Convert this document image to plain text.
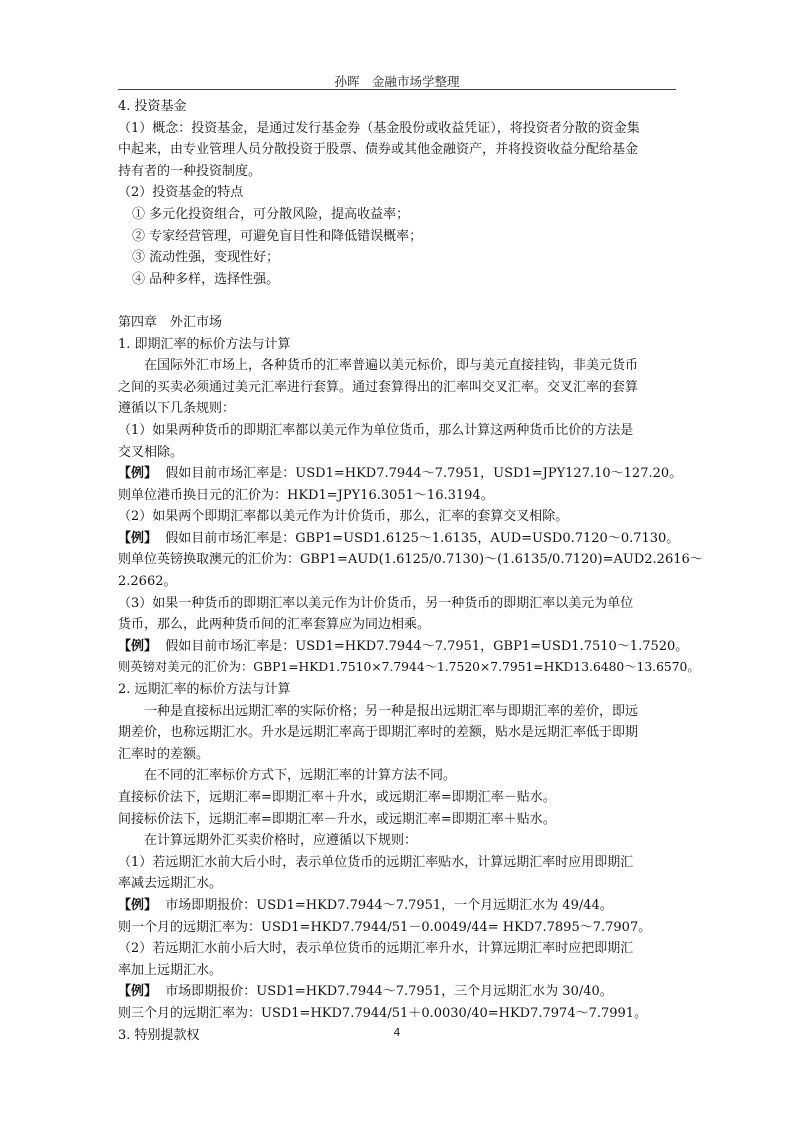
孙晖　金融市场学整理
4. 投资基金
（1）概念：投资基金，是通过发行基金券（基金股份或收益凭证），将投资者分散的资金集
中起来，由专业管理人员分散投资于股票、债券或其他金融资产，并将投资收益分配给基金
持有者的一种投资制度。
（2）投资基金的特点
① 多元化投资组合，可分散风险，提高收益率；
② 专家经营管理，可避免盲目性和降低错误概率；
③ 流动性强，变现性好；
④ 品种多样，选择性强。
第四章　外汇市场
1. 即期汇率的标价方法与计算
在国际外汇市场上，各种货币的汇率普遍以美元标价，即与美元直接挂钩，非美元货币
之间的买卖必须通过美元汇率进行套算。通过套算得出的汇率叫交叉汇率。交叉汇率的套算
遵循以下几条规则：
（1）如果两种货币的即期汇率都以美元作为单位货币，那么计算这两种货币比价的方法是
交叉相除。
【例】 假如目前市场汇率是：USD1=HKD7.7944～7.7951，USD1=JPY127.10～127.20。
则单位港币换日元的汇价为：HKD1=JPY16.3051～16.3194。
（2）如果两个即期汇率都以美元作为计价货币，那么，汇率的套算交叉相除。
【例】 假如目前市场汇率是：GBP1=USD1.6125～1.6135，AUD=USD0.7120～0.7130。
则单位英镑换取澳元的汇价为：GBP1=AUD(1.6125/0.7130)～(1.6135/0.7120)=AUD2.2616～
2.2662。
（3）如果一种货币的即期汇率以美元作为计价货币，另一种货币的即期汇率以美元为单位
货币，那么，此两种货币间的汇率套算应为同边相乘。
【例】 假如目前市场汇率是：USD1=HKD7.7944～7.7951，GBP1=USD1.7510～1.7520。
则英镑对美元的汇价为：GBP1=HKD1.7510×7.7944～1.7520×7.7951=HKD13.6480～13.6570。
2. 远期汇率的标价方法与计算
一种是直接标出远期汇率的实际价格；另一种是报出远期汇率与即期汇率的差价，即远
期差价，也称远期汇水。升水是远期汇率高于即期汇率时的差额，贴水是远期汇率低于即期
汇率时的差额。
在不同的汇率标价方式下，远期汇率的计算方法不同。
直接标价法下，远期汇率=即期汇率＋升水，或远期汇率=即期汇率－贴水。
间接标价法下，远期汇率=即期汇率－升水，或远期汇率=即期汇率＋贴水。
在计算远期外汇买卖价格时，应遵循以下规则：
（1）若远期汇水前大后小时，表示单位货币的远期汇率贴水，计算远期汇率时应用即期汇
率减去远期汇水。
【例】 市场即期报价：USD1=HKD7.7944～7.7951，一个月远期汇水为 49/44。
则一个月的远期汇率为：USD1=HKD7.7944/51－0.0049/44= HKD7.7895～7.7907。
（2）若远期汇水前小后大时，表示单位货币的远期汇率升水，计算远期汇率时应把即期汇
率加上远期汇水。
【例】 市场即期报价：USD1=HKD7.7944～7.7951，三个月远期汇水为 30/40。
则三个月的远期汇率为：USD1=HKD7.7944/51＋0.0030/40=HKD7.7974～7.7991。
3. 特别提款权	4
